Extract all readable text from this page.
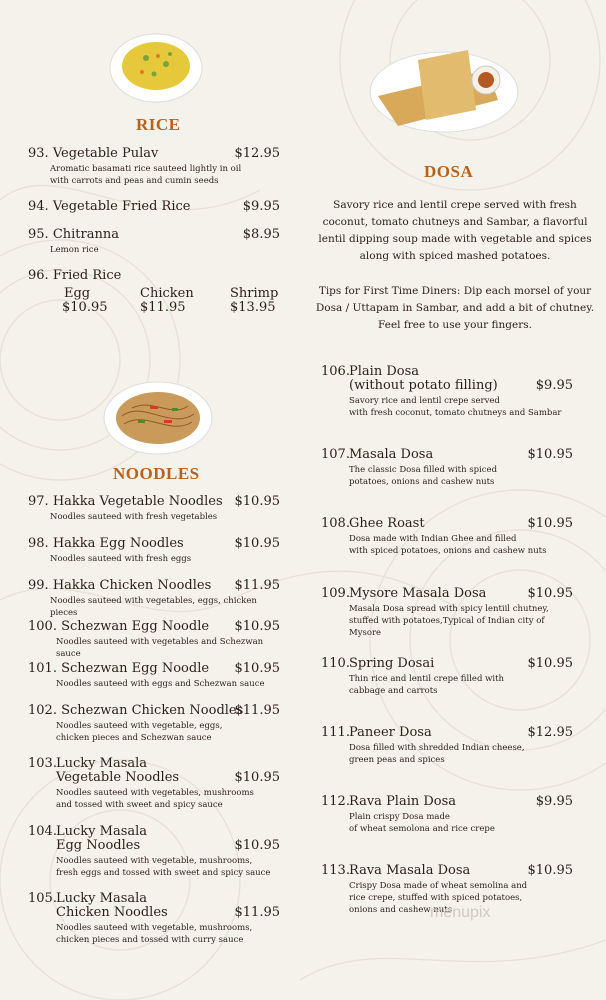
RICE
NOODLES
DOSA
Savory rice and lentil crepe served with fresh
coconut, tomato chutneys and Sambar, a flavorful
lentil dipping soup made with vegetable and spices
along with spiced mashed potatoes.
Tips for First Time Diners: Dip each morsel of your
Dosa / Uttapam in Sambar, and add a bit of chutney.
Feel free to use your fingers.
93. Vegetable Pulav
Aromatic basamati rice sauteed lightly in oil
with carrots and peas and cumin seeds
$12.95
94. Vegetable Fried Rice	$9.95
95. Chitranna
Lemon rice
$8.95
96. Fried Rice
Egg
$10.95
Chicken
$11.95
Shrimp
$13.95
97. Hakka Vegetable Noodles
Noodles sauteed with fresh vegetables
$10.95
98. Hakka Egg Noodles
Noodles sauteed with fresh eggs
$10.95
99. Hakka Chicken Noodles
Noodles sauteed with vegetables, eggs, chicken pieces
$11.95
100. Schezwan Egg Noodle
Noodles sauteed with vegetables and Schezwan sauce
$10.95
101. Schezwan Egg Noodle
Noodles sauteed with eggs and Schezwan sauce
$10.95
102. Schezwan Chicken Noodles
Noodles sauteed with vegetable, eggs,
chicken pieces and Schezwan sauce
$11.95
103. Lucky Masala
Vegetable Noodles
Noodles sauteed with vegetables, mushrooms
and tossed with sweet and spicy sauce
$10.95
104. Lucky Masala
Egg Noodles
Noodles sauteed with vegetable, mushrooms,
fresh eggs and tossed with sweet and spicy sauce
$10.95
105. Lucky Masala
Chicken Noodles
Noodles sauteed with vegetable, mushrooms,
chicken pieces and tossed with curry sauce
$11.95
106. Plain Dosa
(without potato filling)
Savory rice and lentil crepe served
with fresh coconut, tomato chutneys and Sambar
$9.95
107. Masala Dosa
The classic Dosa filled with spiced
potatoes, onions and cashew nuts
$10.95
108. Ghee Roast
Dosa made with Indian Ghee and filled
with spiced potatoes, onions and cashew nuts
$10.95
109. Mysore Masala Dosa
Masala Dosa spread with spicy lentiil chutney,
stuffed with potatoes,Typical of Indian city of Mysore
$10.95
110. Spring Dosai
Thin rice and lentil crepe filled with
cabbage and carrots
$10.95
111. Paneer Dosa
Dosa filled with shredded Indian cheese,
green peas and spices
$12.95
112. Rava Plain Dosa
Plain crispy Dosa made
of wheat semolona and rice crepe
$9.95
113. Rava Masala Dosa
Crispy Dosa made of wheat semolina and
rice crepe, stuffed with spiced potatoes,
onions and cashew nuts
$10.95
menupix
